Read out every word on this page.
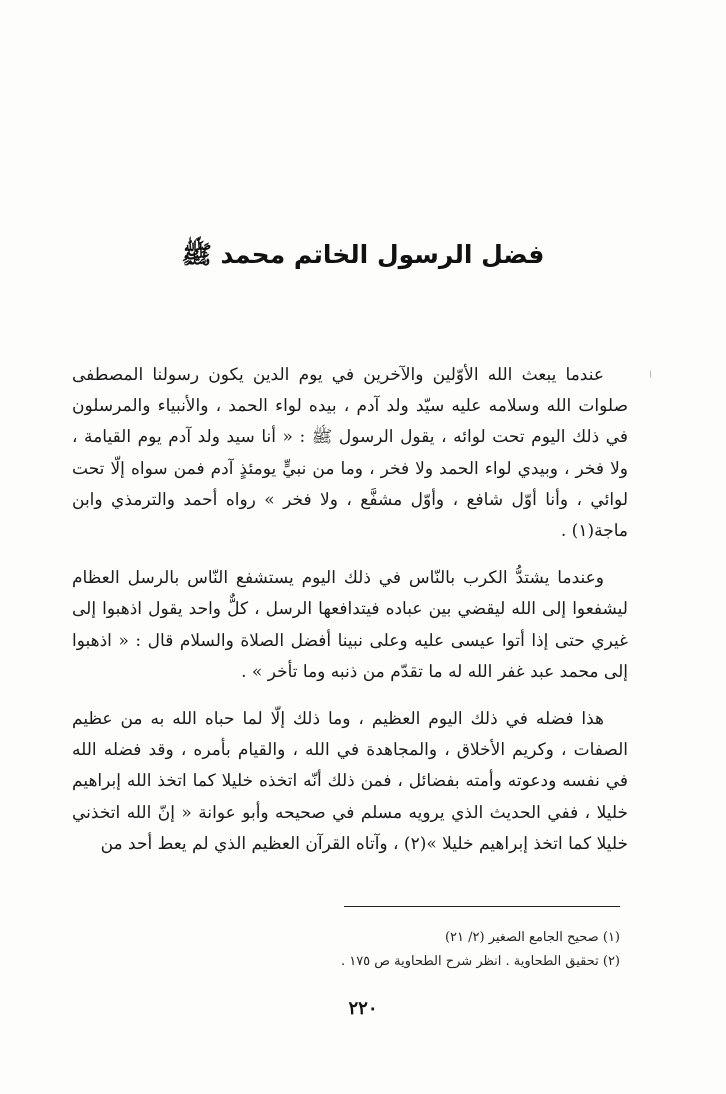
فضل الرسول الخاتم محمد ﷺ

عندما يبعث الله الأوّلين والآخرين في يوم الدين يكون رسولنا المصطفى صلوات الله وسلامه عليه سيّد ولد آدم ، بيده لواء الحمد ، والأنبياء والمرسلون في ذلك اليوم تحت لوائه ، يقول الرسول ﷺ : « أنا سيد ولد آدم يوم القيامة ، ولا فخر ، وبيدي لواء الحمد ولا فخر ، وما من نبيٍّ يومئذٍ آدم فمن سواه إلّا تحت لوائي ، وأنا أوّل شافع ، وأوّل مشفَّع ، ولا فخر » رواه أحمد والترمذي وابن ماجة(١) .

وعندما يشتدُّ الكرب بالنّاس في ذلك اليوم يستشفع النّاس بالرسل العظام ليشفعوا إلى الله ليقضي بين عباده فيتدافعها الرسل ، كلٌّ واحد يقول اذهبوا إلى غيري حتى إذا أتوا عيسى عليه وعلى نبينا أفضل الصلاة والسلام قال : « اذهبوا إلى محمد عبد غفر الله له ما تقدّم من ذنبه وما تأخر » .

هذا فضله في ذلك اليوم العظيم ، وما ذلك إلّا لما حباه الله به من عظيم الصفات ، وكريم الأخلاق ، والمجاهدة في الله ، والقيام بأمره ، وقد فضله الله في نفسه ودعوته وأمته بفضائل ، فمن ذلك أنّه اتخذه خليلا كما اتخذ الله إبراهيم خليلا ، ففي الحديث الذي يرويه مسلم في صحيحه وأبو عوانة « إنّ الله اتخذني خليلا كما اتخذ إبراهيم خليلا »(٢) ، وآتاه القرآن العظيم الذي لم يعط أحد من

(١) صحيح الجامع الصغير (٢/ ٢١)

(٢) تحقيق الطحاوية . انظر شرح الطحاوية ص ١٧٥ .

٢٢٠
